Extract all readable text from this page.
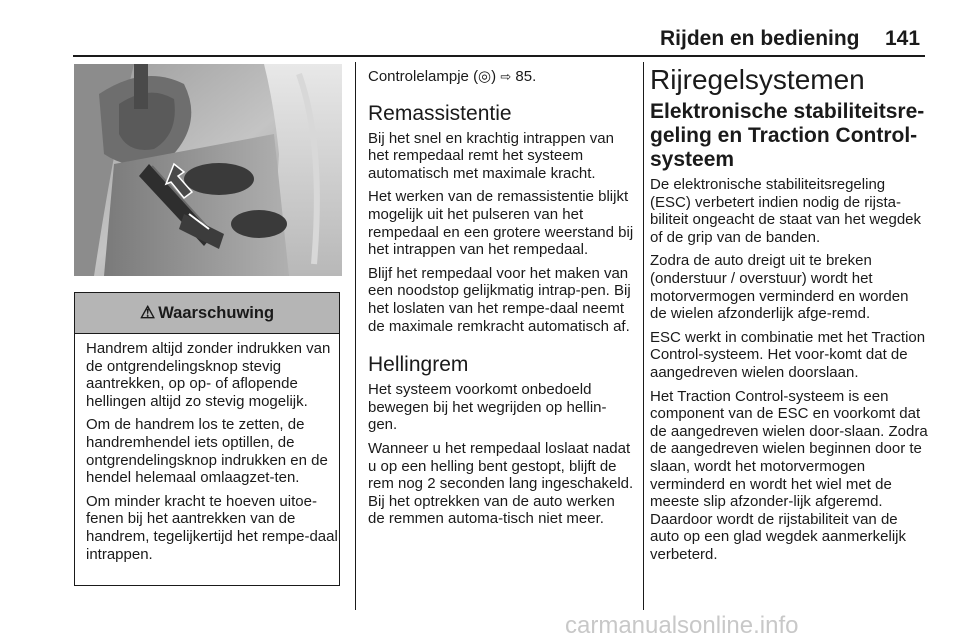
Rijden en bediening 141
⚠ Waarschuwing

Handrem altijd zonder indrukken van de ontgrendelingsknop stevig aantrekken, op op- of aflopende hellingen altijd zo stevig mogelijk.

Om de handrem los te zetten, de handremhendel iets optillen, de ontgrendelingsknop indrukken en de hendel helemaal omlaagzet-ten.

Om minder kracht te hoeven uitoe-fenen bij het aantrekken van de handrem, tegelijkertijd het rempe-daal intrappen.

Controlelampje (◎) ⇨ 85.

Remassistentie

Bij het snel en krachtig intrappen van het rempedaal remt het systeem automatisch met maximale kracht.

Het werken van de remassistentie blijkt mogelijk uit het pulseren van het rempedaal en een grotere weerstand bij het intrappen van het rempedaal.

Blijf het rempedaal voor het maken van een noodstop gelijkmatig intrap-pen. Bij het loslaten van het rempe-daal neemt de maximale remkracht automatisch af.

Hellingrem

Het systeem voorkomt onbedoeld bewegen bij het wegrijden op hellin-gen.

Wanneer u het rempedaal loslaat nadat u op een helling bent gestopt, blijft de rem nog 2 seconden lang ingeschakeld. Bij het optrekken van de auto werken de remmen automa-tisch niet meer.

Rijregelsystemen
Elektronische stabiliteitsre-geling en Traction Control-systeem

De elektronische stabiliteitsregeling (ESC) verbetert indien nodig de rijsta-biliteit ongeacht de staat van het wegdek of de grip van de banden.

Zodra de auto dreigt uit te breken (onderstuur / overstuur) wordt het motorvermogen verminderd en worden de wielen afzonderlijk afge-remd.

ESC werkt in combinatie met het Traction Control-systeem. Het voor-komt dat de aangedreven wielen doorslaan.

Het Traction Control-systeem is een component van de ESC en voorkomt dat de aangedreven wielen door-slaan. Zodra de aangedreven wielen beginnen door te slaan, wordt het motorvermogen verminderd en wordt het wiel met de meeste slip afzonder-lijk afgeremd. Daardoor wordt de rijstabiliteit van de auto op een glad wegdek aanmerkelijk verbeterd.

carmanualsonline.info
